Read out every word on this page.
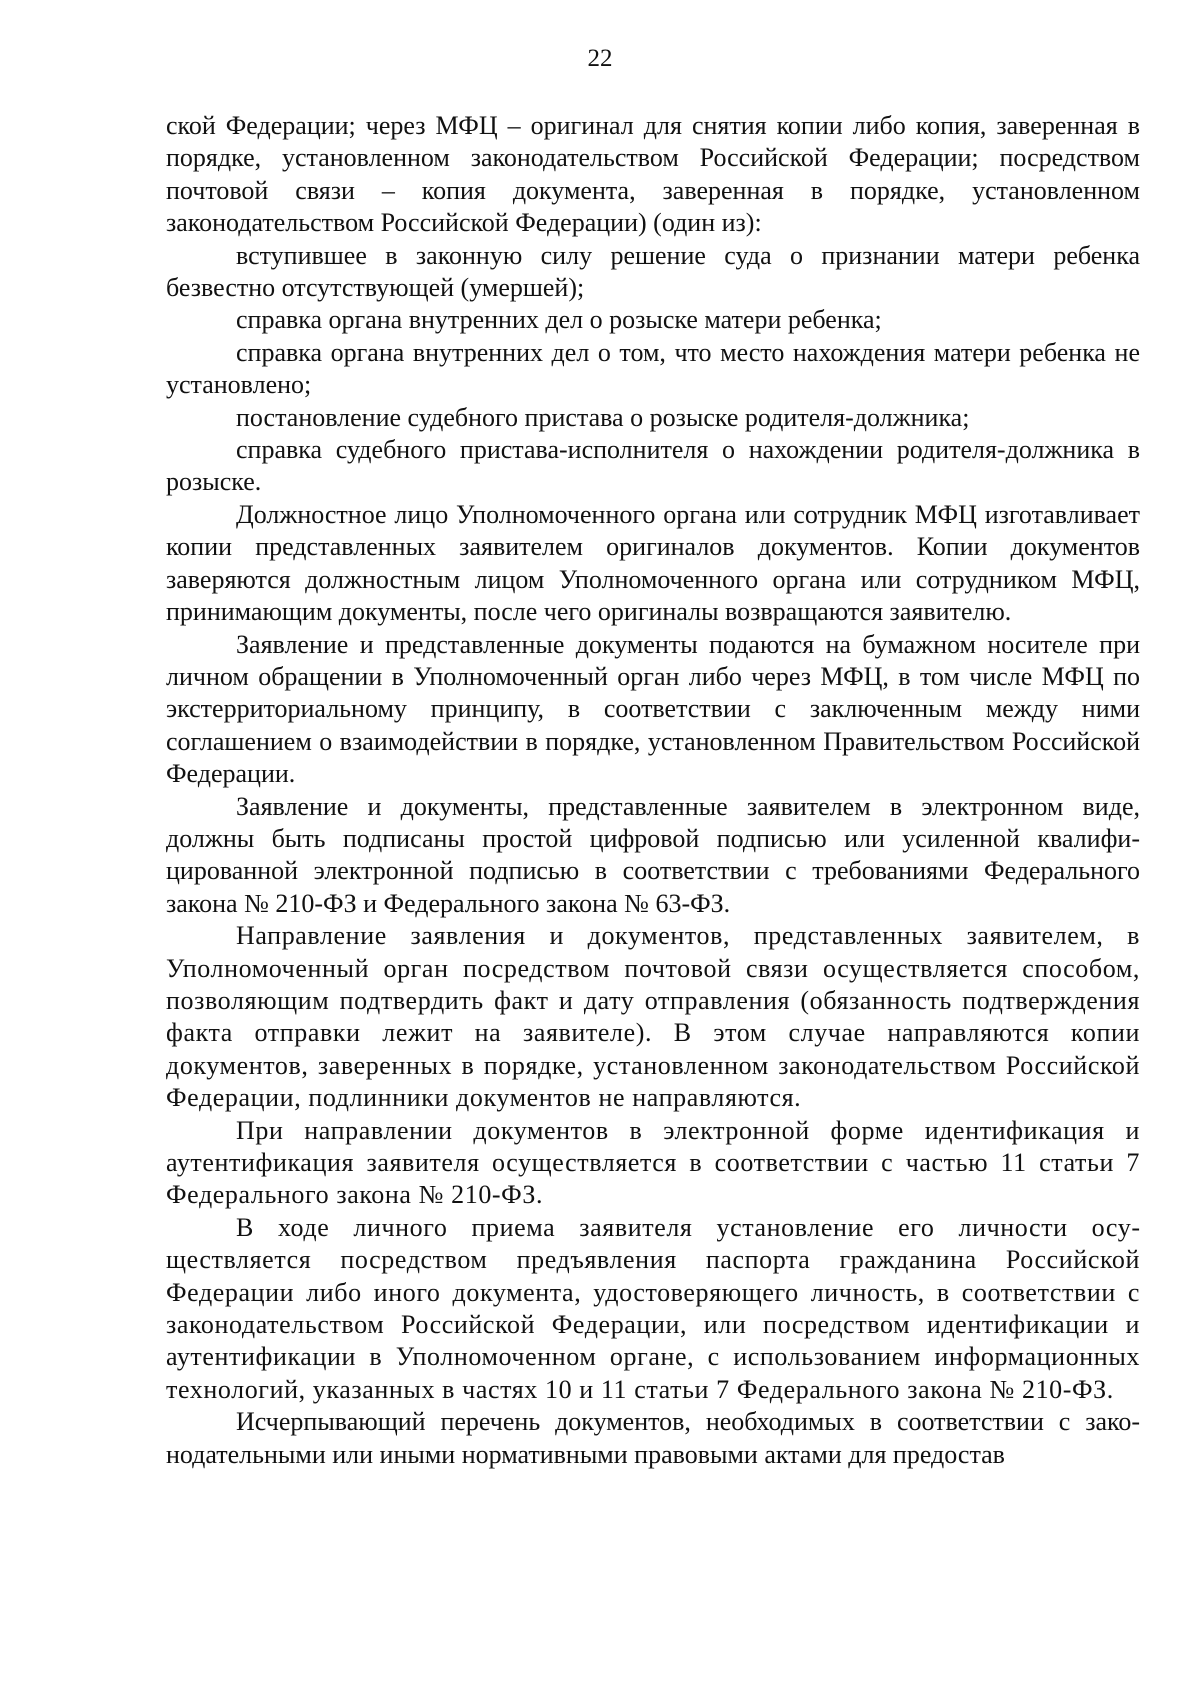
22

ской Федерации; через МФЦ – оригинал для снятия копии либо копия, заверенная в порядке, установленном законодательством Российской Федерации; посредством почтовой связи – копия документа, заверенная в порядке, установленном законодательством Российской Федерации) (один из):

вступившее в законную силу решение суда о признании матери ребенка безвестно отсутствующей (умершей);

справка органа внутренних дел о розыске матери ребенка;

справка органа внутренних дел о том, что место нахождения матери ребенка не установлено;

постановление судебного пристава о розыске родителя-должника;

справка судебного пристава-исполнителя о нахождении родителя-должника в розыске.

Должностное лицо Уполномоченного органа или сотрудник МФЦ изготавливает копии представленных заявителем оригиналов документов. Копии документов заверяются должностным лицом Уполномоченного органа или сотрудником МФЦ, принимающим документы, после чего оригиналы возвращаются заявителю.

Заявление и представленные документы подаются на бумажном носителе при личном обращении в Уполномоченный орган либо через МФЦ, в том числе МФЦ по экстерриториальному принципу, в соответствии с заключенным между ними соглашением о взаимодействии в порядке, установленном Правительством Российской Федерации.

Заявление и документы, представленные заявителем в электронном виде, должны быть подписаны простой цифровой подписью или усиленной квалифицированной электронной подписью в соответствии с требованиями Федерального закона № 210-ФЗ и Федерального закона № 63-ФЗ.

Направление заявления и документов, представленных заявителем, в Уполномоченный орган посредством почтовой связи осуществляется способом, позволяющим подтвердить факт и дату отправления (обязанность подтверждения факта отправки лежит на заявителе). В этом случае направляются копии документов, заверенных в порядке, установленном законодательством Российской Федерации, подлинники документов не направляются.

При направлении документов в электронной форме идентификация и аутентификация заявителя осуществляется в соответствии с частью 11 статьи 7 Федерального закона № 210-ФЗ.

В ходе личного приема заявителя установление его личности осуществляется посредством предъявления паспорта гражданина Российской Федерации либо иного документа, удостоверяющего личность, в соответствии с законодательством Российской Федерации, или посредством идентификации и аутентификации в Уполномоченном органе, с использованием информационных технологий, указанных в частях 10 и 11 статьи 7 Федерального закона № 210-ФЗ.

Исчерпывающий перечень документов, необходимых в соответствии с законодательными или иными нормативными правовыми актами для предостав
